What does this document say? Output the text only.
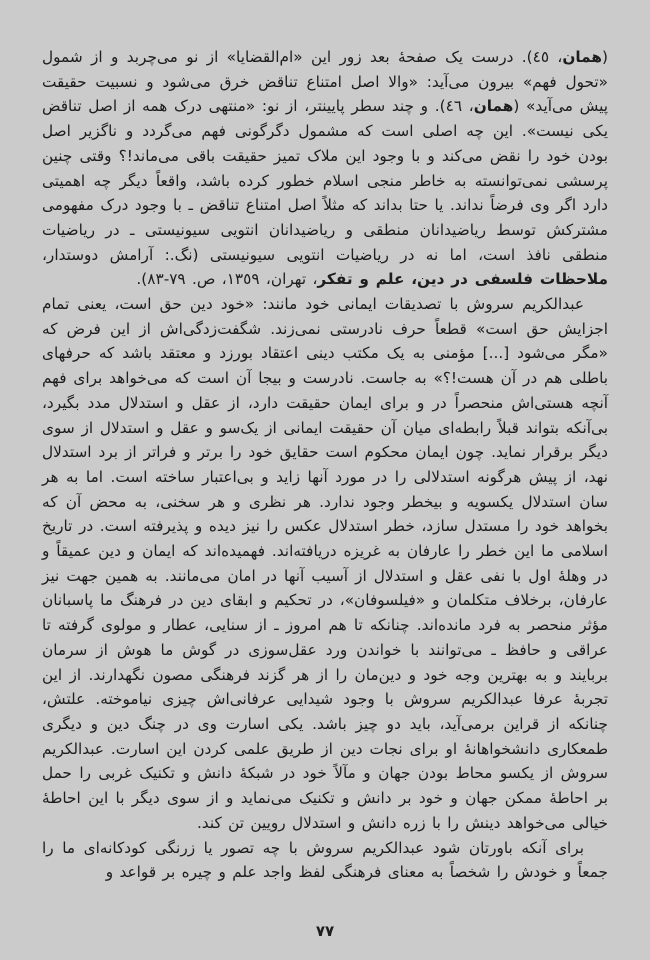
(همان، ٤٥). درست یک صفحهٔ بعد زور این «ام‌القضایا» از نو می‌چربد و از شمول «تحول فهم» بیرون می‌آید: «والا اصل امتناع تناقض خرق می‌شود و نسبیت حقیقت پیش می‌آید» (همان، ٤٦). و چند سطر پایینتر، از نو: «منتهی درک همه از اصل تناقض یکی نیست». این چه اصلی است که مشمول دگرگونی فهم می‌گردد و ناگزیر اصل بودن خود را نقض می‌کند و با وجود این ملاک تمیز حقیقت باقی می‌ماند!؟ وقتی چنین پرسشی نمی‌توانسته به خاطر منجی اسلام خطور کرده باشد، واقعاً دیگر چه اهمیتی دارد اگر وی فرضاً نداند. یا حتا بداند که مثلاً اصل امتناع تناقض ـ با وجود درک مفهومی مشترکش توسط ریاضیدانان منطقی و ریاضیدانان انتویی سیونیستی ـ در ریاضیات منطقی نافذ است، اما نه در ریاضیات انتویی سیونیستی (نگ.: آرامش دوستدار، ملاحظات فلسفی در دین، علم و تفکر، تهران، ١٣٥٩، ص. ٧٩-٨٣).

عبدالکریم سروش با تصدیقات ایمانی خود مانند: «خود دین حق است، یعنی تمام اجزایش حق است» قطعاً حرف نادرستی نمی‌زند. شگفت‌زدگی‌اش از این فرض که «مگر می‌شود [...] مؤمنی به یک مکتب دینی اعتقاد بورزد و معتقد باشد که حرفهای باطلی هم در آن هست!؟» به جاست. نادرست و بیجا آن است که می‌خواهد برای فهم آنچه هستی‌اش منحصراً در و برای ایمان حقیقت دارد، از عقل و استدلال مدد بگیرد، بی‌آنکه بتواند قبلاً رابطه‌ای میان آن حقیقت ایمانی از یک‌سو و عقل و استدلال از سوی دیگر برقرار نماید. چون ایمان محکوم است حقایق خود را برتر و فراتر از برد استدلال نهد، از پیش هرگونه استدلالی را در مورد آنها زاید و بی‌اعتبار ساخته است. اما به هر سان استدلال یکسویه و بیخطر وجود ندارد. هر نظری و هر سخنی، به محض آن که بخواهد خود را مستدل سازد، خطر استدلال عکس را نیز دیده و پذیرفته است. در تاریخ اسلامی ما این خطر را عارفان به غریزه دریافته‌اند. فهمیده‌اند که ایمان و دین عمیقاً و در وهلهٔ اول با نفی عقل و استدلال از آسیب آنها در امان می‌مانند. به همین جهت نیز عارفان، برخلاف متکلمان و «فیلسوفان»، در تحکیم و ابقای دین در فرهنگ ما پاسبانان مؤثر منحصر به فرد مانده‌اند. چنانکه تا هم امروز ـ از سنایی، عطار و مولوی گرفته تا عراقی و حافظ ـ می‌توانند با خواندن ورد عقل‌سوزی در گوش ما هوش از سرمان بربایند و به بهترین وجه خود و دین‌مان را از هر گزند فرهنگی مصون نگهدارند. از این تجربهٔ عرفا عبدالکریم سروش با وجود شیدایی عرفانی‌اش چیزی نیاموخته. علتش، چنانکه از قراین برمی‌آید، باید دو چیز باشد. یکی اسارت وی در چنگ دین و دیگری طمعکاری دانشخواهانهٔ او برای نجات دین از طریق علمی کردن این اسارت. عبدالکریم سروش از یکسو محاط بودن جهان و مآلاً خود در شبکهٔ دانش و تکنیک غربی را حمل بر احاطهٔ ممکن جهان و خود بر دانش و تکنیک می‌نماید و از سوی دیگر با این احاطهٔ خیالی می‌خواهد دینش را با زره دانش و استدلال رویین تن کند.

برای آنکه باورتان شود عبدالکریم سروش با چه تصور یا زرنگی کودکانه‌ای ما را جمعاً و خودش را شخصاً به معنای فرهنگی لفظ واجد علم و چیره بر قواعد و

٧٧
